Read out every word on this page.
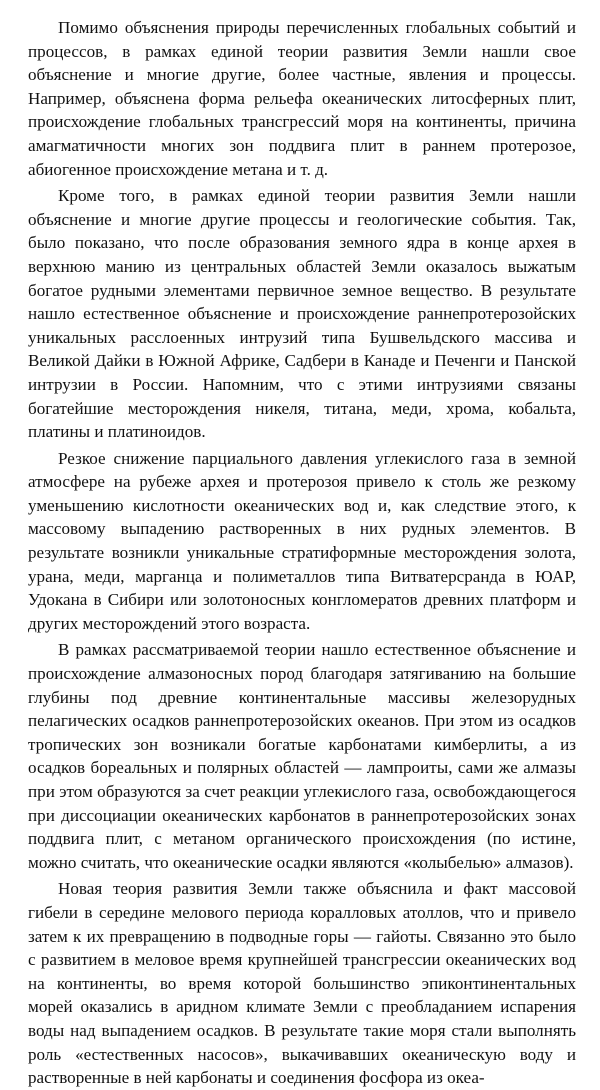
Помимо объяснения природы перечисленных глобальных событий и процессов, в рамках единой теории развития Земли нашли свое объяснение и многие другие, более частные, явления и процессы. Например, объяснена форма рельефа океанических литосферных плит, происхождение глобальных трансгрессий моря на континенты, причина амагматичности многих зон поддвига плит в раннем протерозое, абиогенное происхождение метана и т. д.

Кроме того, в рамках единой теории развития Земли нашли объяснение и многие другие процессы и геологические события. Так, было показано, что после образования земного ядра в конце архея в верхнюю манию из центральных областей Земли оказалось выжатым богатое рудными элементами первичное земное вещество. В результате нашло естественное объяснение и происхождение раннепротерозойских уникальных расслоенных интрузий типа Бушвельдского массива и Великой Дайки в Южной Африке, Садбери в Канаде и Печенги и Панской интрузии в России. Напомним, что с этими интрузиями связаны богатейшие месторождения никеля, титана, меди, хрома, кобальта, платины и платиноидов.

Резкое снижение парциального давления углекислого газа в земной атмосфере на рубеже архея и протерозоя привело к столь же резкому уменьшению кислотности океанических вод и, как следствие этого, к массовому выпадению растворенных в них рудных элементов. В результате возникли уникальные стратиформные месторождения золота, урана, меди, марганца и полиметаллов типа Витватерсранда в ЮАР, Удокана в Сибири или золотоносных конгломератов древних платформ и других месторождений этого возраста.

В рамках рассматриваемой теории нашло естественное объяснение и происхождение алмазоносных пород благодаря затягиванию на большие глубины под древние континентальные массивы железорудных пелагических осадков раннепротерозойских океанов. При этом из осадков тропических зон возникали богатые карбонатами кимберлиты, а из осадков бореальных и полярных областей — лампроиты, сами же алмазы при этом образуются за счет реакции углекислого газа, освобождающегося при диссоциации океанических карбонатов в раннепротерозойских зонах поддвига плит, с метаном органического происхождения (по истине, можно считать, что океанические осадки являются «колыбелью» алмазов).

Новая теория развития Земли также объяснила и факт массовой гибели в середине мелового периода коралловых атоллов, что и привело затем к их превращению в подводные горы — гайоты. Связанно это было с развитием в меловое время крупнейшей трансгрессии океанических вод на континенты, во время которой большинство эпиконтинентальных морей оказались в аридном климате Земли с преобладанием испарения воды над выпадением осадков. В результате такие моря стали выполнять роль «естественных насосов», выкачивавших океаническую воду и растворенные в ней карбонаты и соединения фосфора из океа-
